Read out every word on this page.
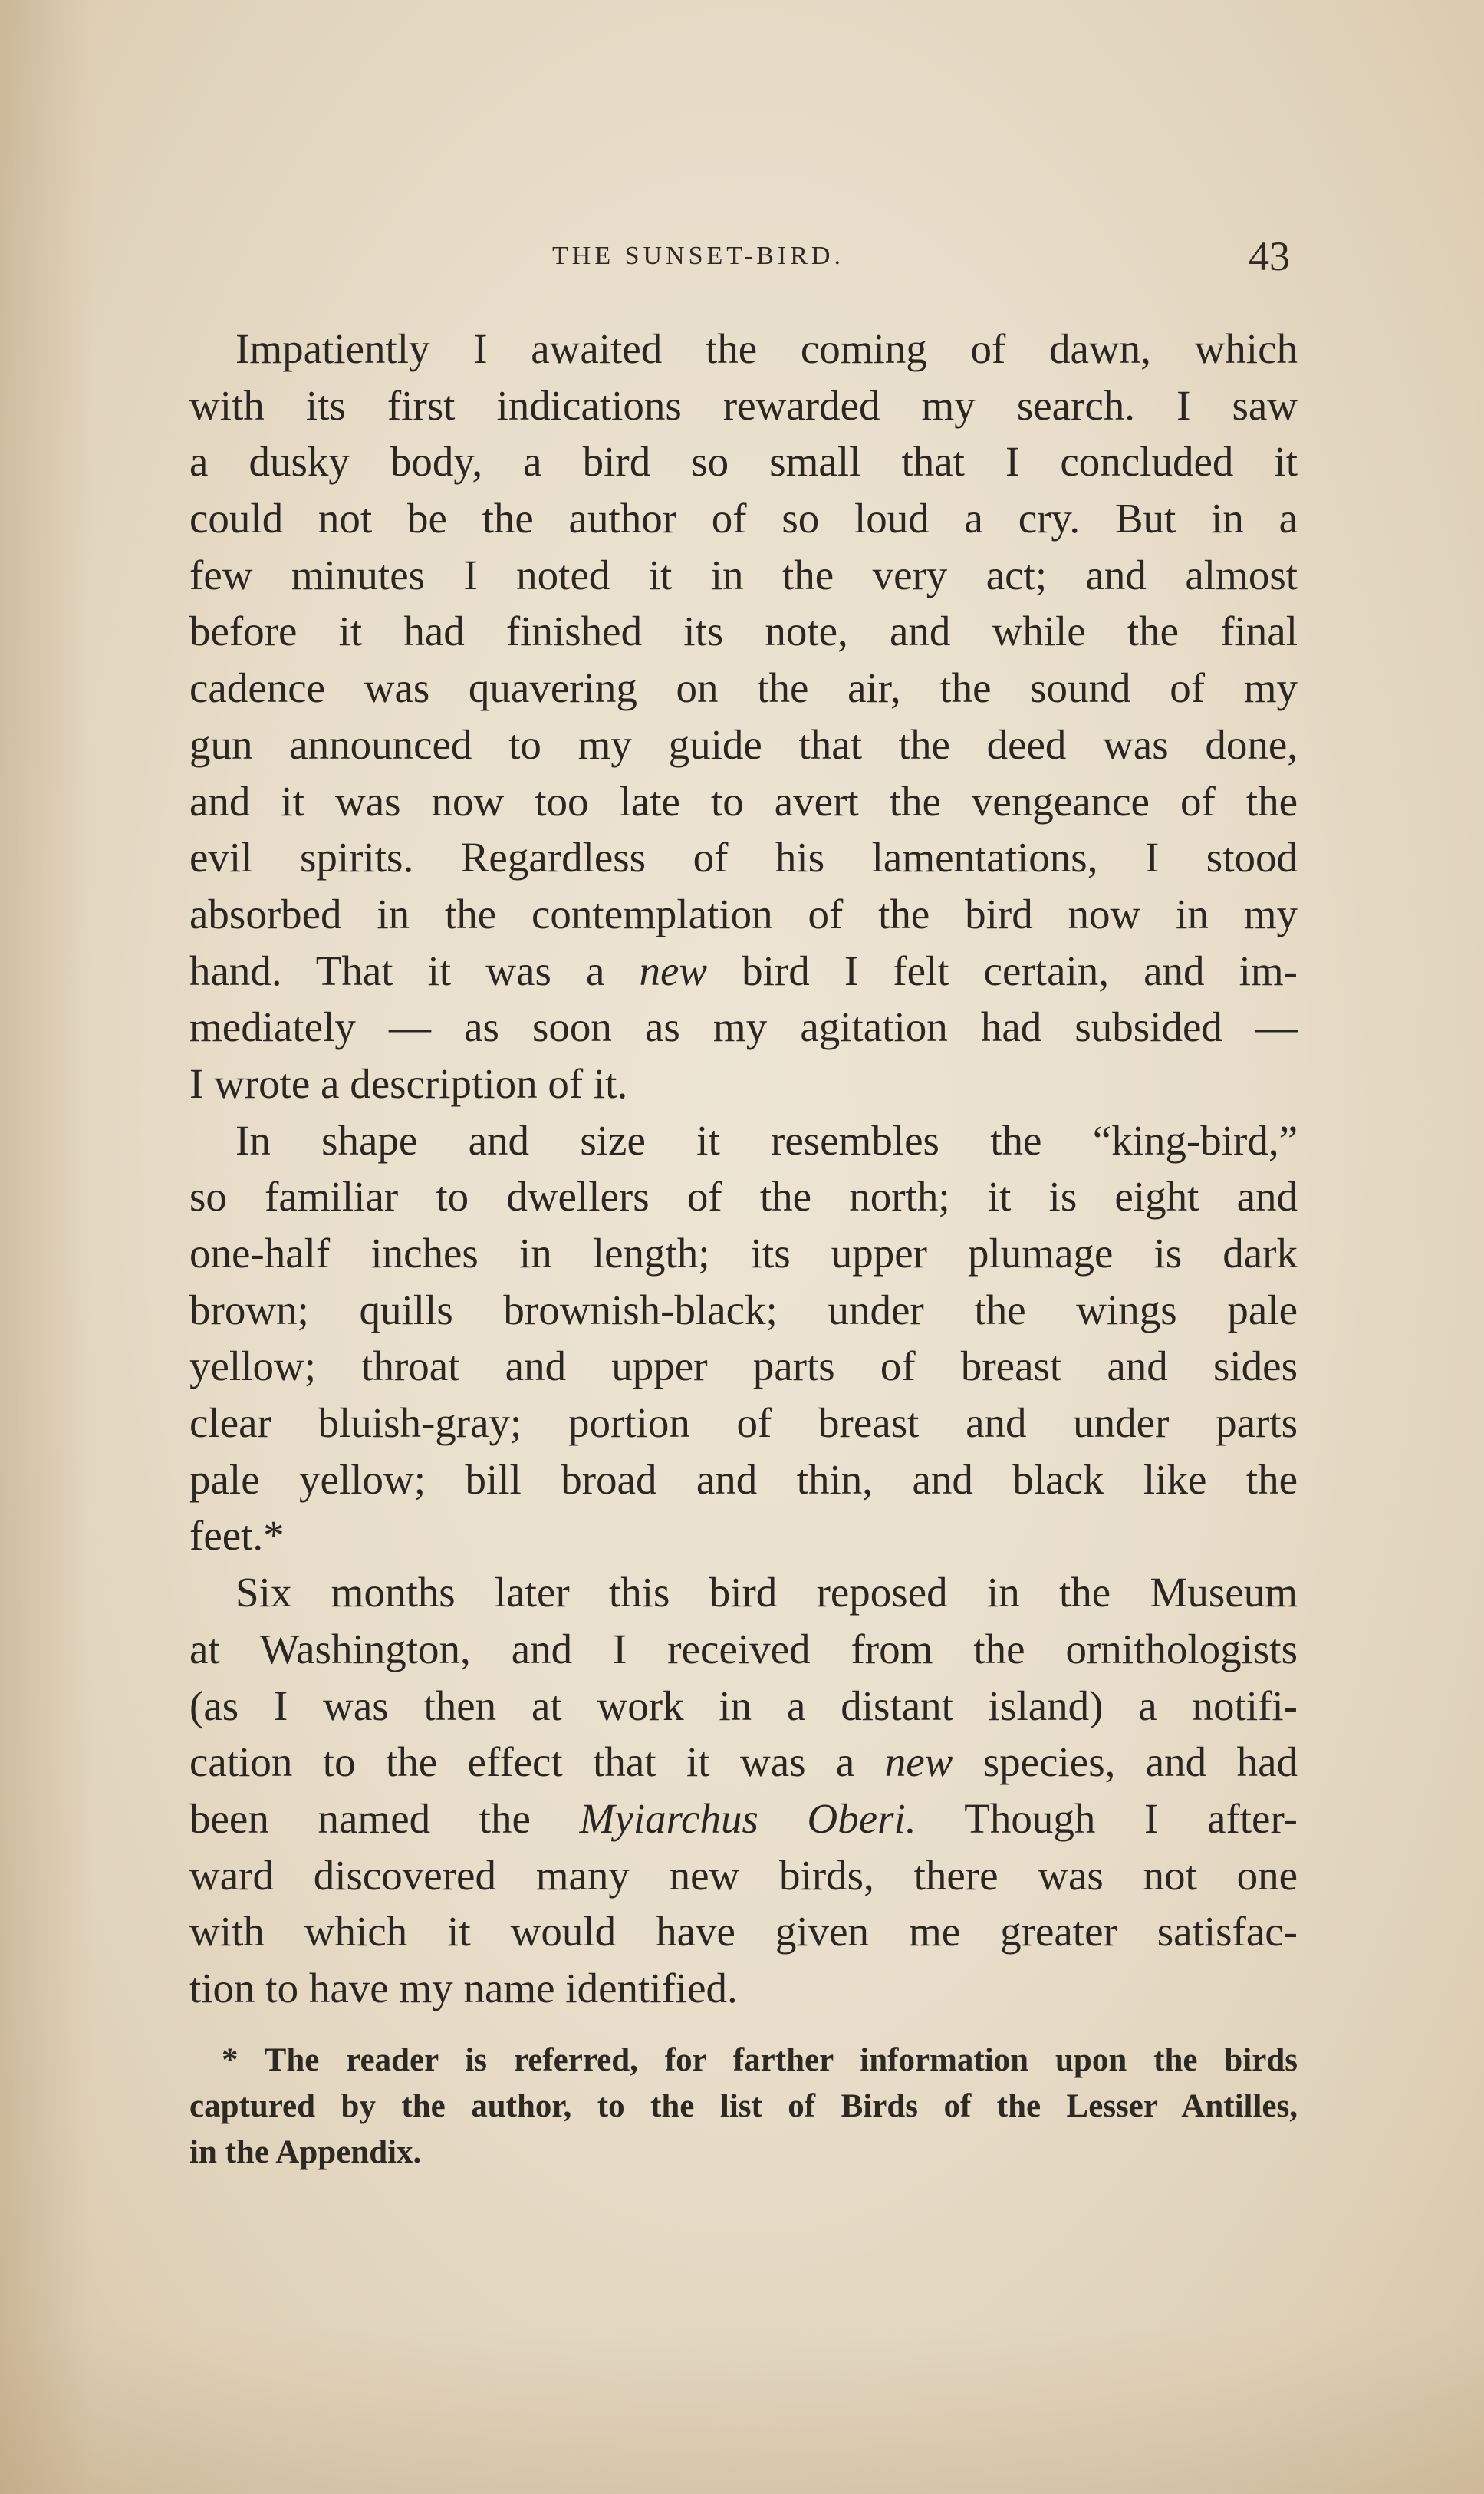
THE SUNSET-BIRD.	43
Impatiently I awaited the coming of dawn, which
with its first indications rewarded my search. I saw
a dusky body, a bird so small that I concluded it
could not be the author of so loud a cry. But in a
few minutes I noted it in the very act; and almost
before it had finished its note, and while the final
cadence was quavering on the air, the sound of my
gun announced to my guide that the deed was done,
and it was now too late to avert the vengeance of the
evil spirits. Regardless of his lamentations, I stood
absorbed in the contemplation of the bird now in my
hand. That it was a new bird I felt certain, and im-
mediately — as soon as my agitation had subsided —
I wrote a description of it.
In shape and size it resembles the “king-bird,”
so familiar to dwellers of the north; it is eight and
one-half inches in length; its upper plumage is dark
brown; quills brownish-black; under the wings pale
yellow; throat and upper parts of breast and sides
clear bluish-gray; portion of breast and under parts
pale yellow; bill broad and thin, and black like the
feet.*
Six months later this bird reposed in the Museum
at Washington, and I received from the ornithologists
(as I was then at work in a distant island) a notifi-
cation to the effect that it was a new species, and had
been named the Myiarchus Oberi. Though I after-
ward discovered many new birds, there was not one
with which it would have given me greater satisfac-
tion to have my name identified.
* The reader is referred, for farther information upon the birds
captured by the author, to the list of Birds of the Lesser Antilles,
in the Appendix.
